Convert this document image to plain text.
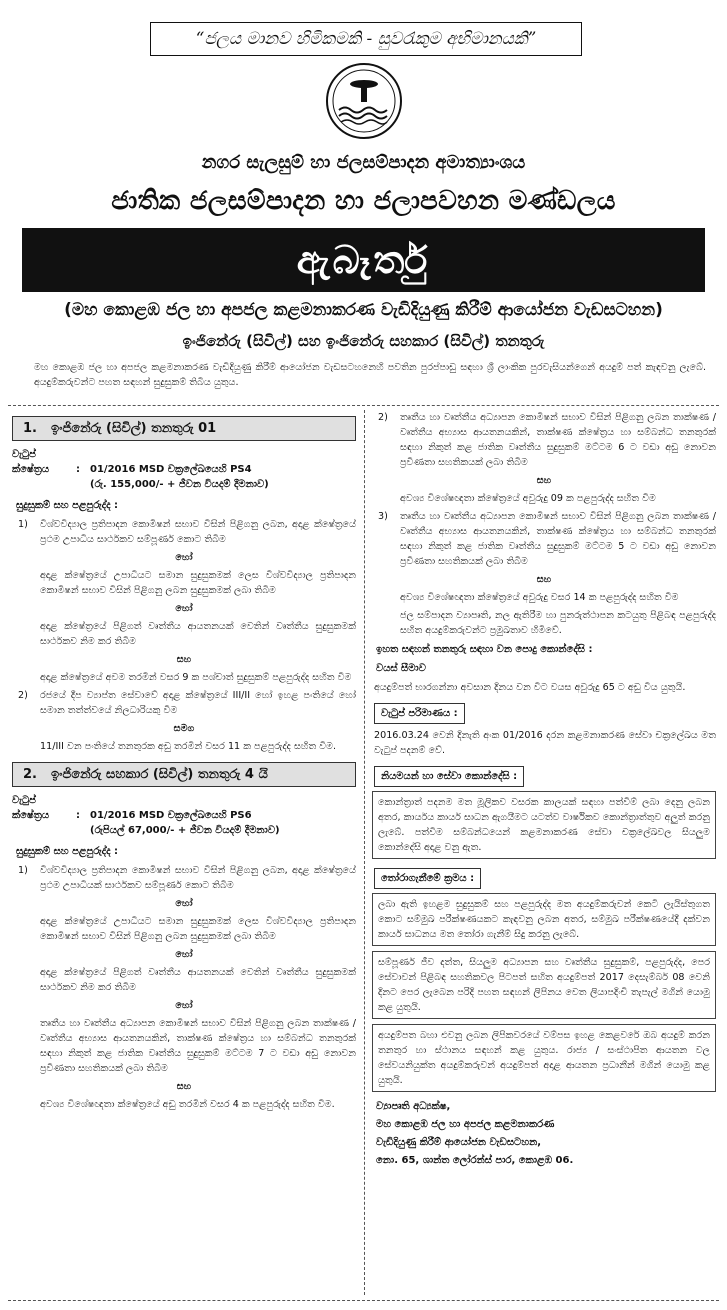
“ජලය මානව හිමිකමකි - සුවරැකුම අභිමානයකි”
නගර සැලසුම් හා ජලසම්පාදන අමාත්‍යාංශය
ජාතික ජලසම්පාදන හා ජලාපවහන මණ්ඩලය
ඇබෑර්තු
(මහ කොළඹ ජල හා අපජල කළමනාකරණ වැඩිදියුණු කිරීම් ආයෝජන වැඩසටහන)
ඉංජිනේරු (සිවිල්) සහ ඉංජිනේරු සහකාර (සිවිල්) තනතුරු
මහ කොළඹ ජල හා අපජල කළමනාකරණ වැඩිදියුණු කිරීම් ආයෝජන වැඩසටහනෙහි පවතින පුරප්පාඩු සඳහා ශ්‍රී ලාංකික පුරවැසියන්ගෙන් අයදුම් පත් කැඳවනු ලැබේ. අයදුම්කරුවන්ට පහත සඳහන් සුදුසුකම් තිබිය යුතුය.
1. ඉංජිනේරු (සිවිල්) තනතුරු 01
වැටුප් ක්ෂේත්‍රය	: 01/2016 MSD චක්‍රලේඛයෙහි PS4
(රු. 155,000/- + ජීවන වියදම් දීමනාව)
සුදුසුකම් සහ පළපුරුද්ද :
1)	විශ්වවිද්‍යාල ප්‍රතිපාදන කොමිෂන් සභාව විසින් පිළිගනු ලබන, අදාළ ක්ෂේත්‍රයේ ප්‍රථම උපාධිය සාර්ථකව සම්පූර්ණ කොට තිබීම
හෝ
අදාළ ක්ෂේත්‍රයේ උපාධියට සමාන සුදුසුකමක් ලෙස විශ්වවිද්‍යාල ප්‍රතිපාදන කොමිෂන් සභාව විසින් පිළිගනු ලබන සුදුසුකමක් ලබා තිබීම
හෝ
අදාළ ක්ෂේත්‍රයේ පිළිගත් වෘත්තීය ආයතනයක් වෙතින් වෘත්තීය සුදුසුකමක් සාර්ථකව නිම කර තිබීම
සහ
අදාළ ක්ෂේත්‍රයේ අවම තරමින් වසර 9 ක පශ්චාත් සුදුසුකම් පළපුරුද්ද සහිත වීම
2)	රජයේ දීප ව්‍යාප්ත සේවාවේ අදාළ ක්ෂේත්‍රයේ III/II හෝ ඉහළ පංතියේ හෝ සමාන තත්ත්වයේ නිලධාරියකු වීම
සමග
11/III වන පංතියේ තනතුරක අඩු තරමින් වසර 11 ක පළපුරුද්ද සහිත වීම.
2. ඉංජිනේරු සහකාර (සිවිල්) තනතුරු 4 යි
වැටුප් ක්ෂේත්‍රය	: 01/2016 MSD චක්‍රලේඛයෙහි PS6
(රුපියල් 67,000/- + ජීවන වියදම් දීමනාව)
සුදුසුකම් සහ පළපුරුද්ද :
1)	විශ්වවිද්‍යාල ප්‍රතිපාදන කොමිෂන් සභාව විසින් පිළිගනු ලබන, අදාළ ක්ෂේත්‍රයේ ප්‍රථම උපාධියක් සාර්ථකව සම්පූර්ණ කොට තිබීම
හෝ
අදාළ ක්ෂේත්‍රයේ උපාධියට සමාන සුදුසුකමක් ලෙස විශ්වවිද්‍යාල ප්‍රතිපාදන කොමිෂන් සභාව විසින් පිළිගනු ලබන සුදුසුකමක් ලබා තිබීම
හෝ
අදාළ ක්ෂේත්‍රයේ පිළිගත් වෘත්තීය ආයතනයක් වෙතින් වෘත්තීය සුදුසුකමක් සාර්ථකව නිම කර තිබීම
හෝ
තෘතීය හා වෘත්තීය අධ්‍යාපන කොමිෂන් සභාව විසින් පිළිගනු ලබන තාක්ෂණ / වෘත්තීය අභ්‍යාස ආයතනයකින්, තාක්ෂණ ක්ෂේත්‍රය හා සම්බන්ධ තනතුරක් සඳහා නිකුත් කළ ජාතික වෘත්තීය සුදුසුකම් මට්ටම 7 ට වඩා අඩු නොවන ප්‍රවීණතා සහතිකයක් ලබා තිබීම
සහ
අවශ්‍ය විශේෂඥතා ක්ෂේත්‍රයේ අඩු තරමින් වසර 4 ක පළපුරුද්ද සහිත වීම.
2)	තෘතීය හා වෘත්තීය අධ්‍යාපන කොමිෂන් සභාව විසින් පිළිගනු ලබන තාක්ෂණ / වෘත්තීය අභ්‍යාස ආයතනයකින්, තාක්ෂණ ක්ෂේත්‍රය හා සම්බන්ධ තනතුරක් සඳහා නිකුත් කළ ජාතික වෘත්තීය සුදුසුකම් මට්ටම 6 ට වඩා අඩු නොවන ප්‍රවීණතා සහතිකයක් ලබා තිබීම
සහ
අවශ්‍ය විශේෂඥතා ක්ෂේත්‍රයේ අවුරුදු 09 ක පළපුරුද්ද සහිත වීම
3)	තෘතීය හා වෘත්තීය අධ්‍යාපන කොමිෂන් සභාව විසින් පිළිගනු ලබන තාක්ෂණ / වෘත්තීය අභ්‍යාස ආයතනයකින්, තාක්ෂණ ක්ෂේත්‍රය හා සම්බන්ධ තනතුරක් සඳහා නිකුත් කළ ජාතික වෘත්තීය සුදුසුකම් මට්ටම 5 ට වඩා අඩු නොවන ප්‍රවීණතා සහතිකයක් ලබා තිබීම
සහ
අවශ්‍ය විශේෂඥතා ක්ෂේත්‍රයේ අවුරුදු වසර 14 ක පළපුරුද්ද සහිත වීම
ජල සම්පාදන ව්‍යාපෘති, නල ඇතිරීම හා පුනරුත්ථාපන කටයුතු පිළිබඳ පළපුරුද්ද සහිත අයදුම්කරුවන්ට ප්‍රමුඛතාව හිමිවේ.
ඉහත සඳහන් තනතුරු සඳහා වන පොදු කොන්දේසි :
වයස් සීමාව
අයදුම්පත් භාරගන්නා අවසාන දිනය වන විට වයස අවුරුදු 65 ට අඩු විය යුතුයි.
වැටුප් පරිමාණය :
2016.03.24 වෙනි දිනැති අංක 01/2016 දරන කළමනාකරණ සේවා චක්‍රලේඛය මත වැටුප් පදනම් වේ.
නියමයන් හා සේවා කොන්දේසි :
කොන්ත්‍රාත් පදනම මත මූලිකව වසරක කාලයක් සඳහා පත්වීම් ලබා දෙනු ලබන අතර, කාර්යය කාර්ය සාධන ඇගයීමට යටත්ව වාර්ෂිකව කොන්ත්‍රාත්තුව අලුත් කරනු ලැබේ. පත්වීම සම්බන්ධයෙන් කළමනාකරණ සේවා චක්‍රලේඛවල සියලුම කොන්දේසි අදාළ වනු ඇත.
තෝරාගැනීමේ ක්‍රමය :
ලබා ඇති ඉහළම සුදුසුකම් සහ පළපුරුද්ද මත අයදුම්කරුවන් කෙටි ලැයිස්තුගත කොට සම්මුඛ පරීක්ෂණයකට කැඳවනු ලබන අතර, සම්මුඛ පරීක්ෂණයේදී දක්වන කාර්ය සාධනය මත තෝරා ගැනීම් සිදු කරනු ලැබේ.
සම්පූර්ණ ජීව දත්ත, සියලුම අධ්‍යාපන සහ වෘත්තීය සුදුසුකම්, පළපුරුද්ද, පෙර සේවාවන් පිළිබඳ සහතිකවල පිටපත් සහිත අයදුම්පත් 2017 දෙසැම්බර් 08 වෙනි දිනට පෙර ලැබෙන පරිදි පහත සඳහන් ලිපිනය වෙත ලියාපදිංචි තැපැල් මගින් යොමු කළ යුතුයි.
අයදුම්පත බහා එවනු ලබන ලිපිකවරයේ වම්පස ඉහළ කෙළවරේ ඔබ අයදුම් කරන තනතුර හා ස්ථානය සඳහන් කළ යුතුය. රාජ්‍ය / සංස්ථාපිත ආයතන වල සේවයනියුක්ත අයදුම්කරුවන් අයදුම්පත් අදාළ ආයතන ප්‍රධානීන් මගින් යොමු කළ යුතුයි.
ව්‍යාපෘති අධ්‍යක්ෂ,
මහ කොළඹ ජල හා අපජල කළමනාකරණ
වැඩිදියුණු කිරීම් ආයෝජන වැඩසටහන,
නො. 65, ශාන්ත ලෝරන්ස් පාර, කොළඹ 06.
